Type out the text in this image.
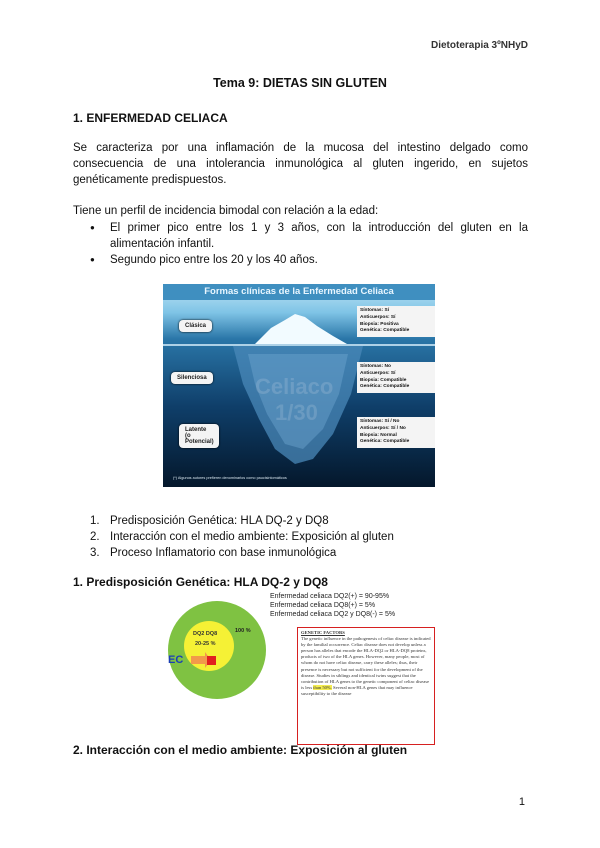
Dietoterapia 3ºNHyD
Tema 9: DIETAS SIN GLUTEN
1. ENFERMEDAD CELIACA
Se caracteriza por una inflamación de la mucosa del intestino delgado como consecuencia de una intolerancia inmunológica al gluten ingerido, en sujetos genéticamente predispuestos.
Tiene un perfil de incidencia bimodal con relación a la edad:
● El primer pico entre los 1 y 3 años, con la introducción del gluten en la alimentación infantil.
● Segundo pico entre los 20 y los 40 años.
Formas clínicas de la Enfermedad Celiaca
Celiaco
1/30
Clásica
Silenciosa
Latente (o Potencial)
Síntomas: Sí
Anticuerpos: Sí
Biopsia: Positiva
Genética: Compatible
Síntomas: No
Anticuerpos: Sí
Biopsia: Compatible
Genética: Compatible
Síntomas: Sí / No
Anticuerpos: Sí / No
Biopsia: Normal
Genética: Compatible
(*) Algunos autores prefieren denominarlos como paucisintomáticos
1. Predisposición Genética: HLA DQ-2 y DQ8
2. Interacción con el medio ambiente: Exposición al gluten
3. Proceso Inflamatorio con base inmunológica
1. Predisposición Genética: HLA DQ-2 y DQ8
DQ2 DQ8
20-25 %
100 %
EC
Enfermedad celiaca DQ2(+) = 90-95%
Enfermedad celiaca DQ8(+) = 5%
Enfermedad celiaca DQ2 y DQ8(-) = 5%
GENETIC FACTORS
The genetic influence in the pathogenesis of celiac disease is indicated by the familial occurrence. Celiac disease does not develop unless a person has alleles that encode the HLA-DQ2 or HLA-DQ8 proteins, products of two of the HLA genes. However, many people, most of whom do not have celiac disease, carry these alleles; thus, their presence is necessary but not sufficient for the development of the disease. Studies in siblings and identical twins suggest that the contribution of HLA genes to the genetic component of celiac disease is less than 50%. Several non-HLA genes that may influence susceptibility to the disease
2. Interacción con el medio ambiente: Exposición al gluten
1
